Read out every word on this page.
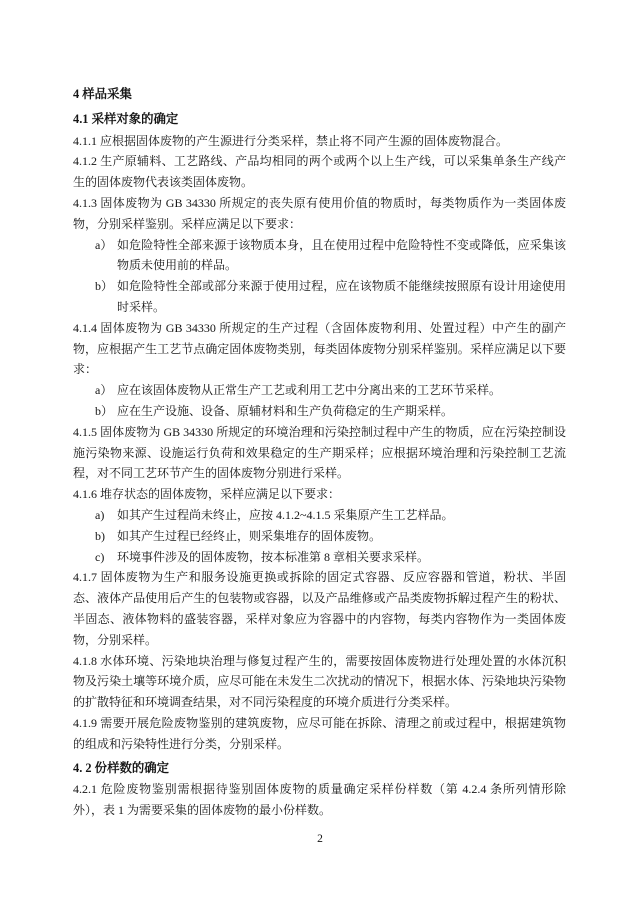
4 样品采集
4.1 采样对象的确定
4.1.1 应根据固体废物的产生源进行分类采样，禁止将不同产生源的固体废物混合。
4.1.2 生产原辅料、工艺路线、产品均相同的两个或两个以上生产线，可以采集单条生产线产生的固体废物代表该类固体废物。
4.1.3 固体废物为 GB 34330 所规定的丧失原有使用价值的物质时，每类物质作为一类固体废物，分别采样鉴别。采样应满足以下要求：
a） 如危险特性全部来源于该物质本身，且在使用过程中危险特性不变或降低，应采集该物质未使用前的样品。
b） 如危险特性全部或部分来源于使用过程，应在该物质不能继续按照原有设计用途使用时采样。
4.1.4 固体废物为 GB 34330 所规定的生产过程（含固体废物利用、处置过程）中产生的副产物，应根据产生工艺节点确定固体废物类别，每类固体废物分别采样鉴别。采样应满足以下要求：
a） 应在该固体废物从正常生产工艺或利用工艺中分离出来的工艺环节采样。
b） 应在生产设施、设备、原辅材料和生产负荷稳定的生产期采样。
4.1.5 固体废物为 GB 34330 所规定的环境治理和污染控制过程中产生的物质，应在污染控制设施污染物来源、设施运行负荷和效果稳定的生产期采样；应根据环境治理和污染控制工艺流程，对不同工艺环节产生的固体废物分别进行采样。
4.1.6 堆存状态的固体废物，采样应满足以下要求：
a) 如其产生过程尚未终止，应按 4.1.2~4.1.5 采集原产生工艺样品。
b) 如其产生过程已经终止，则采集堆存的固体废物。
c) 环境事件涉及的固体废物，按本标准第 8 章相关要求采样。
4.1.7 固体废物为生产和服务设施更换或拆除的固定式容器、反应容器和管道，粉状、半固态、液体产品使用后产生的包装物或容器，以及产品维修或产品类废物拆解过程产生的粉状、半固态、液体物料的盛装容器，采样对象应为容器中的内容物，每类内容物作为一类固体废物，分别采样。
4.1.8 水体环境、污染地块治理与修复过程产生的，需要按固体废物进行处理处置的水体沉积物及污染土壤等环境介质，应尽可能在未发生二次扰动的情况下，根据水体、污染地块污染物的扩散特征和环境调查结果，对不同污染程度的环境介质进行分类采样。
4.1.9 需要开展危险废物鉴别的建筑废物，应尽可能在拆除、清理之前或过程中，根据建筑物的组成和污染特性进行分类，分别采样。
4. 2 份样数的确定
4.2.1 危险废物鉴别需根据待鉴别固体废物的质量确定采样份样数（第 4.2.4 条所列情形除外），表 1 为需要采集的固体废物的最小份样数。
2
